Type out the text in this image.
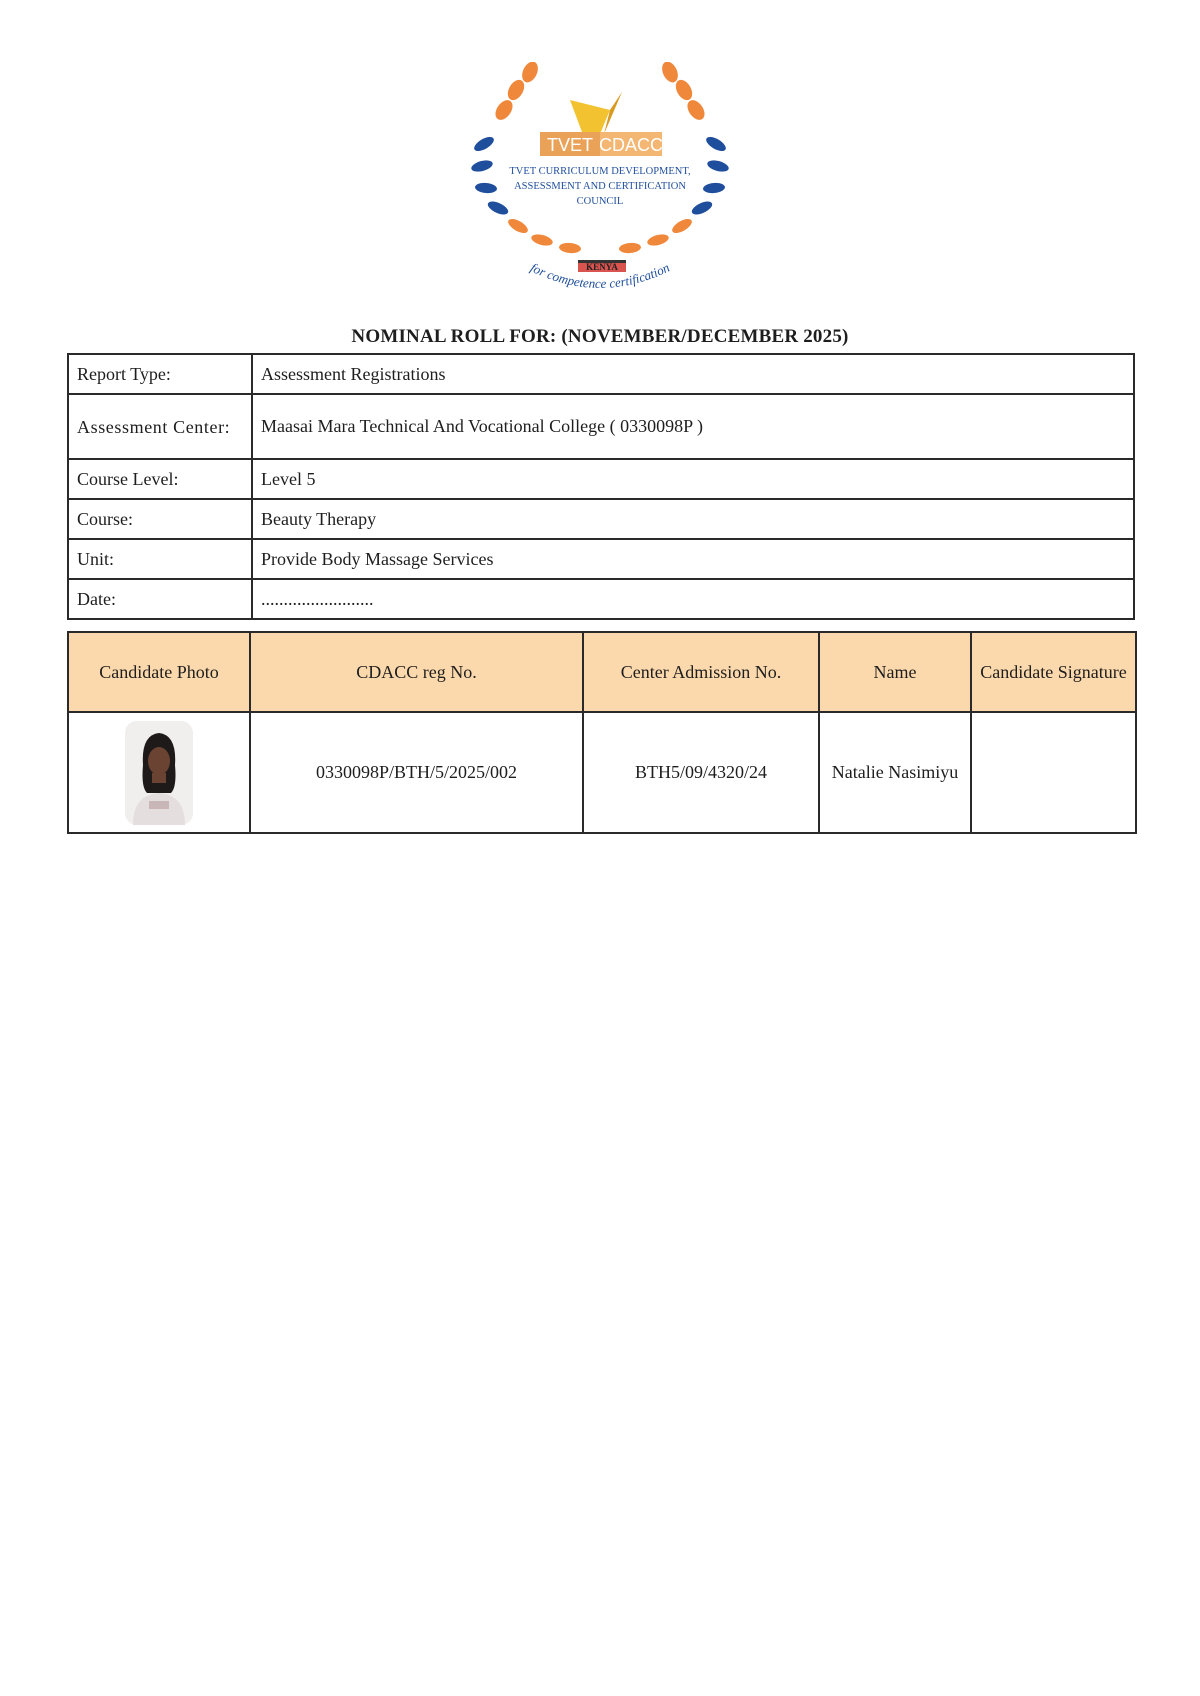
TVET CDACC
TVET CURRICULUM DEVELOPMENT,
ASSESSMENT AND CERTIFICATION
COUNCIL
KENYA
for competence certification
NOMINAL ROLL FOR: (NOVEMBER/DECEMBER 2025)
Report Type:	Assessment Registrations

Assessment Center:	Maasai Mara Technical And Vocational College ( 0330098P )
Course Level:	Level 5
Course:	Beauty Therapy
Unit:	Provide Body Massage Services
Date:	.........................
Candidate Photo	CDACC reg No.	Center Admission No.	Name	Candidate Signature
	0330098P/BTH/5/2025/002	BTH5/09/4320/24	Natalie Nasimiyu	
